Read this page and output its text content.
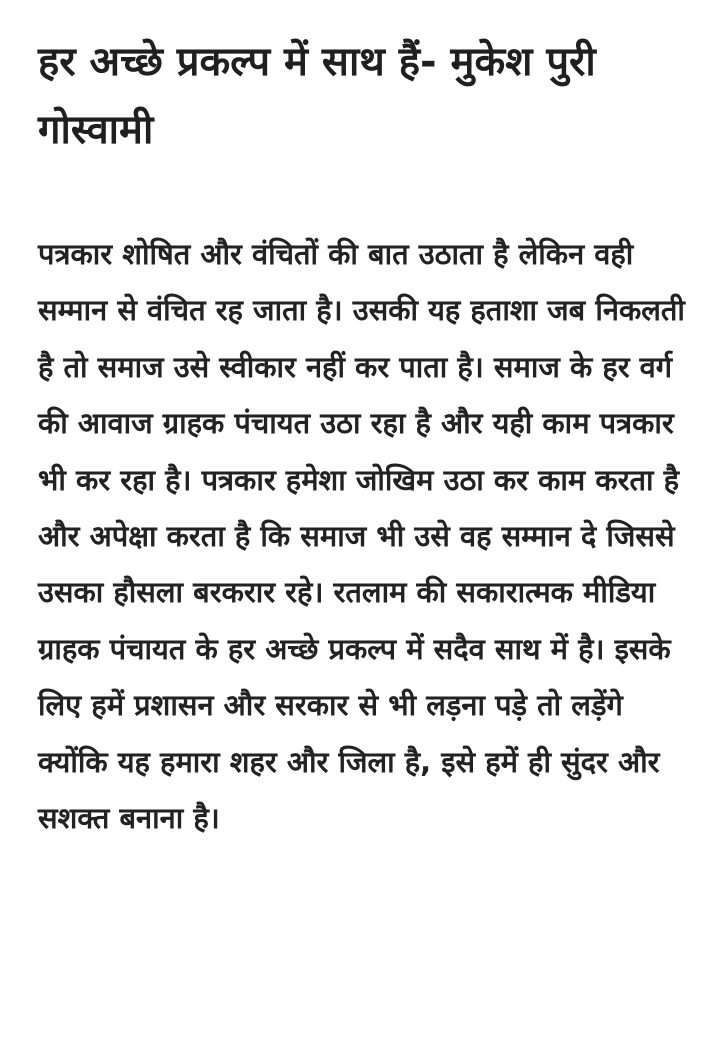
हर अच्छे प्रकल्प में साथ हैं- मुकेश पुरी गोस्वामी

पत्रकार शोषित और वंचितों की बात उठाता है लेकिन वही सम्मान से वंचित रह जाता है। उसकी यह हताशा जब निकलती है तो समाज उसे स्वीकार नहीं कर पाता है। समाज के हर वर्ग की आवाज ग्राहक पंचायत उठा रहा है और यही काम पत्रकार भी कर रहा है। पत्रकार हमेशा जोखिम उठा कर काम करता है और अपेक्षा करता है कि समाज भी उसे वह सम्मान दे जिससे उसका हौसला बरकरार रहे। रतलाम की सकारात्मक मीडिया ग्राहक पंचायत के हर अच्छे प्रकल्प में सदैव साथ में है। इसके लिए हमें प्रशासन और सरकार से भी लड़ना पड़े तो लड़ेंगे क्योंकि यह हमारा शहर और जिला है, इसे हमें ही सुंदर और सशक्त बनाना है।
